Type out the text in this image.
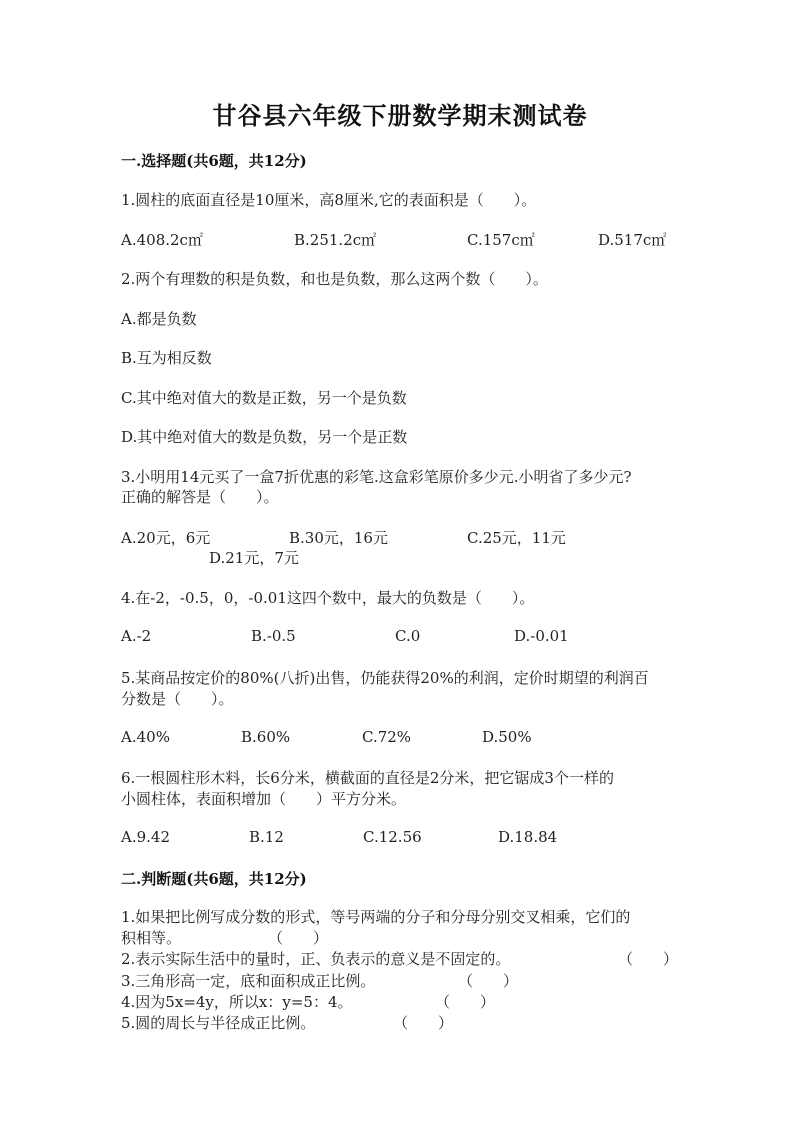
甘谷县六年级下册数学期末测试卷
一.选择题(共6题，共12分)
1.圆柱的底面直径是10厘米，高8厘米,它的表面积是（　　）。
A.408.2c㎡	B.251.2c㎡	C.157c㎡	D.517c㎡
2.两个有理数的积是负数，和也是负数，那么这两个数（　　）。
A.都是负数
B.互为相反数
C.其中绝对值大的数是正数，另一个是负数
D.其中绝对值大的数是负数，另一个是正数
3.小明用14元买了一盒7折优惠的彩笔.这盒彩笔原价多少元.小明省了多少元?
正确的解答是（　　）。
A.20元，6元	B.30元，16元	C.25元，11元
D.21元，7元
4.在-2，-0.5，0，-0.01这四个数中，最大的负数是（　　）。
A.-2	B.-0.5	C.0	D.-0.01
5.某商品按定价的80%(八折)出售，仍能获得20%的利润，定价时期望的利润百
分数是（　　）。
A.40%	B.60%	C.72%	D.50%
6.一根圆柱形木料，长6分米，横截面的直径是2分米，把它锯成3个一样的
小圆柱体，表面积增加（　　）平方分米。
A.9.42	B.12	C.12.56	D.18.84
二.判断题(共6题，共12分)
1.如果把比例写成分数的形式，等号两端的分子和分母分别交叉相乘，它们的
积相等。	（　　）
2.表示实际生活中的量时，正、负表示的意义是不固定的。	（　　）
3.三角形高一定，底和面积成正比例。	（　　）
4.因为5x=4y，所以x：y=5：4。	（　　）
5.圆的周长与半径成正比例。	（　　）
